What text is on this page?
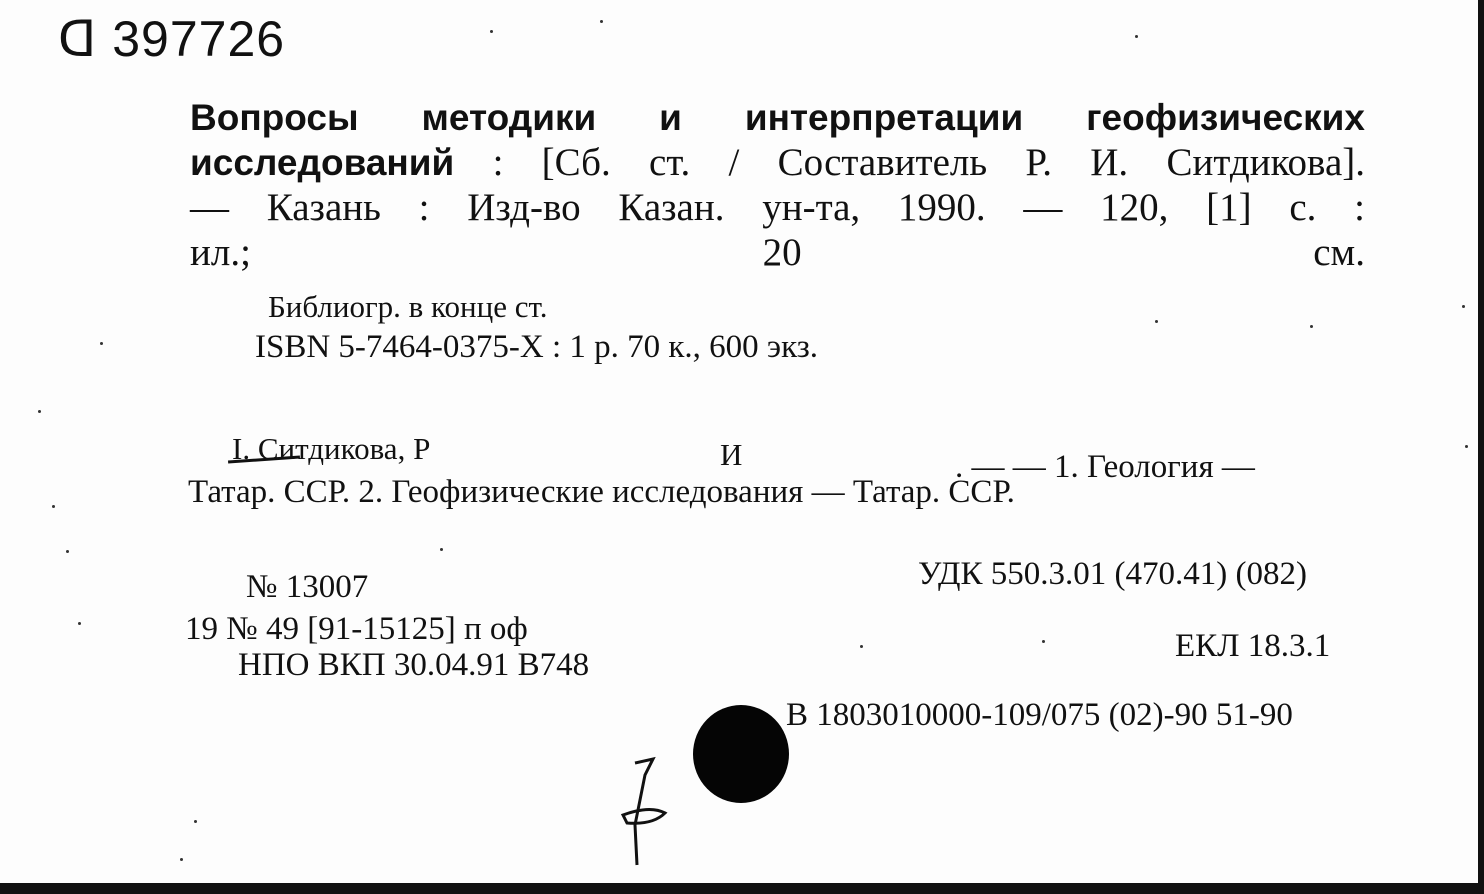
ᗡ 397726
Вопросы методики и интерпретации геофизических
исследований : [Сб. ст. / Составитель Р. И. Ситдикова].
— Казань : Изд-во Казан. ун-та, 1990. — 120, [1] с. :
ил.; 20 см.
Библиогр. в конце ст.
ISBN 5-7464-0375-X : 1 р. 70 к., 600 экз.
I. Ситдикова, Р	И	. — — 1. Геология —
Татар. ССР. 2. Геофизические исследования — Татар. ССР.
№ 13007	УДК 550.3.01 (470.41) (082)
19 № 49 [91-15125] п оф	ЕКЛ 18.3.1
НПО ВКП 30.04.91 В748
В 1803010000-109/075 (02)-90 51-90
